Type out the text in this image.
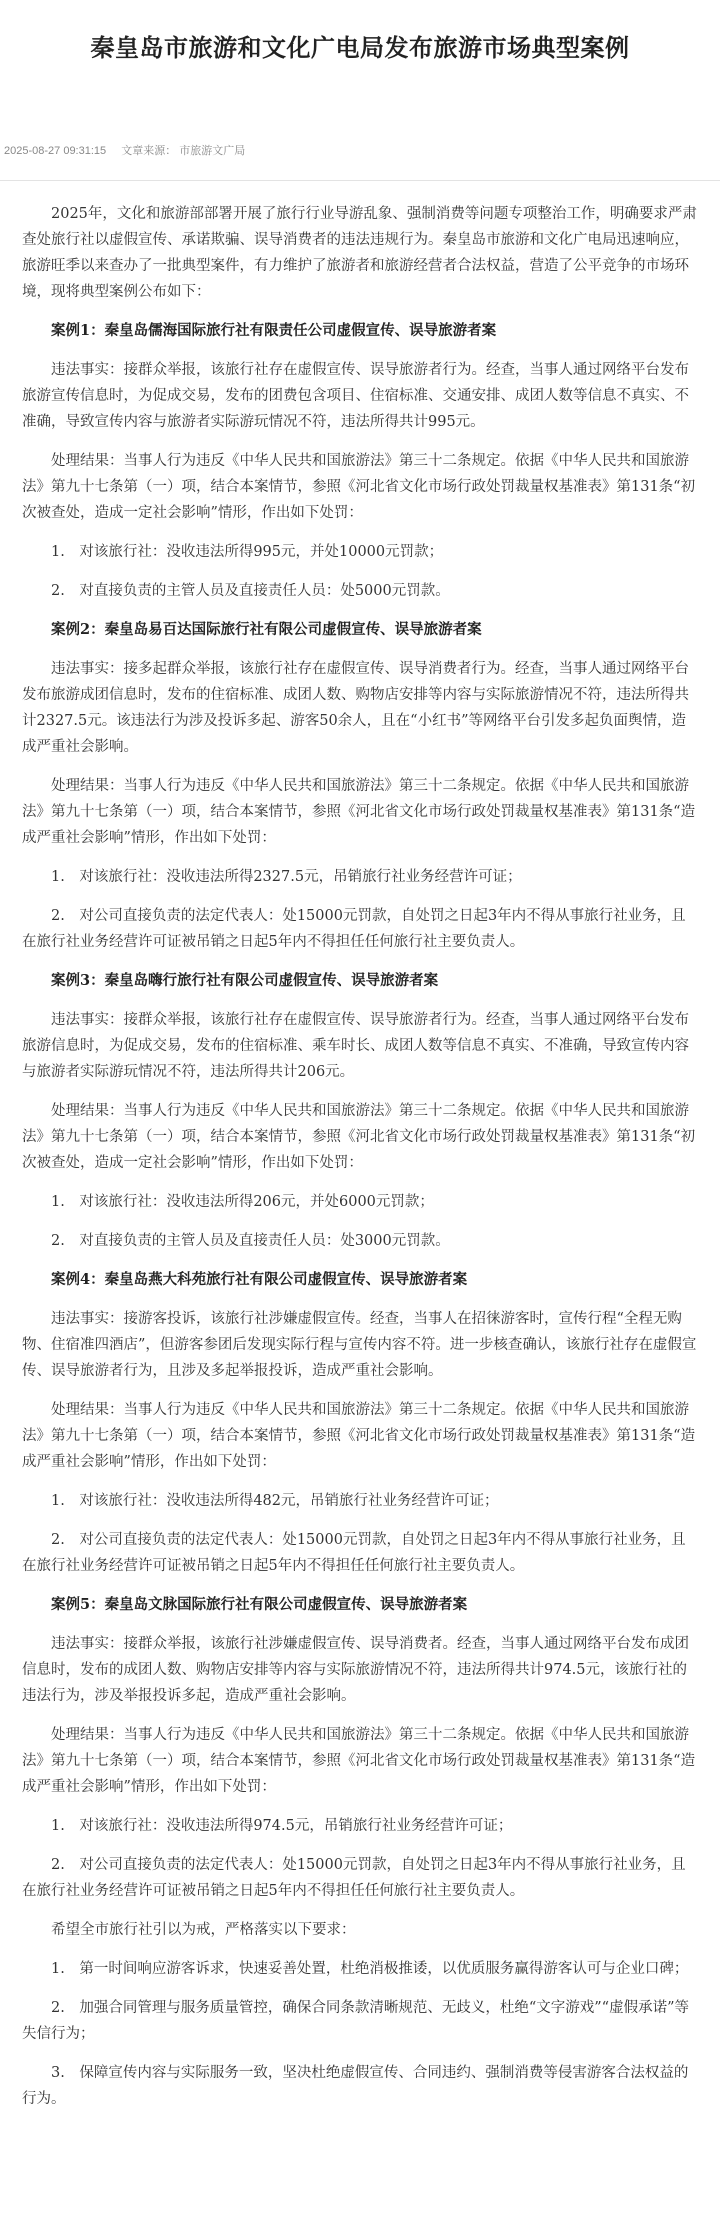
秦皇岛市旅游和文化广电局发布旅游市场典型案例
2025-08-27 09:31:15 文章来源： 市旅游文广局

2025年，文化和旅游部部署开展了旅行行业导游乱象、强制消费等问题专项整治工作，明确要求严肃查处旅行社以虚假宣传、承诺欺骗、误导消费者的违法违规行为。秦皇岛市旅游和文化广电局迅速响应，旅游旺季以来查办了一批典型案件，有力维护了旅游者和旅游经营者合法权益，营造了公平竞争的市场环境，现将典型案例公布如下：

案例1：秦皇岛儒海国际旅行社有限责任公司虚假宣传、误导旅游者案

违法事实：接群众举报，该旅行社存在虚假宣传、误导旅游者行为。经查，当事人通过网络平台发布旅游宣传信息时，为促成交易，发布的团费包含项目、住宿标准、交通安排、成团人数等信息不真实、不准确，导致宣传内容与旅游者实际游玩情况不符，违法所得共计995元。

处理结果：当事人行为违反《中华人民共和国旅游法》第三十二条规定。依据《中华人民共和国旅游法》第九十七条第（一）项，结合本案情节，参照《河北省文化市场行政处罚裁量权基准表》第131条“初次被查处，造成一定社会影响”情形，作出如下处罚：

1.　对该旅行社：没收违法所得995元，并处10000元罚款；

2.　对直接负责的主管人员及直接责任人员：处5000元罚款。

案例2：秦皇岛易百达国际旅行社有限公司虚假宣传、误导旅游者案

违法事实：接多起群众举报，该旅行社存在虚假宣传、误导消费者行为。经查，当事人通过网络平台发布旅游成团信息时，发布的住宿标准、成团人数、购物店安排等内容与实际旅游情况不符，违法所得共计2327.5元。该违法行为涉及投诉多起、游客50余人，且在“小红书”等网络平台引发多起负面舆情，造成严重社会影响。

处理结果：当事人行为违反《中华人民共和国旅游法》第三十二条规定。依据《中华人民共和国旅游法》第九十七条第（一）项，结合本案情节，参照《河北省文化市场行政处罚裁量权基准表》第131条“造成严重社会影响”情形，作出如下处罚：

1.　对该旅行社：没收违法所得2327.5元，吊销旅行社业务经营许可证；

2.　对公司直接负责的法定代表人：处15000元罚款，自处罚之日起3年内不得从事旅行社业务，且在旅行社业务经营许可证被吊销之日起5年内不得担任任何旅行社主要负责人。

案例3：秦皇岛嗨行旅行社有限公司虚假宣传、误导旅游者案

违法事实：接群众举报，该旅行社存在虚假宣传、误导旅游者行为。经查，当事人通过网络平台发布旅游信息时，为促成交易，发布的住宿标准、乘车时长、成团人数等信息不真实、不准确，导致宣传内容与旅游者实际游玩情况不符，违法所得共计206元。

处理结果：当事人行为违反《中华人民共和国旅游法》第三十二条规定。依据《中华人民共和国旅游法》第九十七条第（一）项，结合本案情节，参照《河北省文化市场行政处罚裁量权基准表》第131条“初次被查处，造成一定社会影响”情形，作出如下处罚：

1.　对该旅行社：没收违法所得206元，并处6000元罚款；

2.　对直接负责的主管人员及直接责任人员：处3000元罚款。

案例4：秦皇岛燕大科苑旅行社有限公司虚假宣传、误导旅游者案

违法事实：接游客投诉，该旅行社涉嫌虚假宣传。经查，当事人在招徕游客时，宣传行程“全程无购物、住宿准四酒店”，但游客参团后发现实际行程与宣传内容不符。进一步核查确认，该旅行社存在虚假宣传、误导旅游者行为，且涉及多起举报投诉，造成严重社会影响。

处理结果：当事人行为违反《中华人民共和国旅游法》第三十二条规定。依据《中华人民共和国旅游法》第九十七条第（一）项，结合本案情节，参照《河北省文化市场行政处罚裁量权基准表》第131条“造成严重社会影响”情形，作出如下处罚：

1.　对该旅行社：没收违法所得482元，吊销旅行社业务经营许可证；

2.　对公司直接负责的法定代表人：处15000元罚款，自处罚之日起3年内不得从事旅行社业务，且在旅行社业务经营许可证被吊销之日起5年内不得担任任何旅行社主要负责人。

案例5：秦皇岛文脉国际旅行社有限公司虚假宣传、误导旅游者案

违法事实：接群众举报，该旅行社涉嫌虚假宣传、误导消费者。经查，当事人通过网络平台发布成团信息时，发布的成团人数、购物店安排等内容与实际旅游情况不符，违法所得共计974.5元，该旅行社的违法行为，涉及举报投诉多起，造成严重社会影响。

处理结果：当事人行为违反《中华人民共和国旅游法》第三十二条规定。依据《中华人民共和国旅游法》第九十七条第（一）项，结合本案情节，参照《河北省文化市场行政处罚裁量权基准表》第131条“造成严重社会影响”情形，作出如下处罚：

1.　对该旅行社：没收违法所得974.5元，吊销旅行社业务经营许可证；

2.　对公司直接负责的法定代表人：处15000元罚款，自处罚之日起3年内不得从事旅行社业务，且在旅行社业务经营许可证被吊销之日起5年内不得担任任何旅行社主要负责人。

希望全市旅行社引以为戒，严格落实以下要求：

1.　第一时间响应游客诉求，快速妥善处置，杜绝消极推诿，以优质服务赢得游客认可与企业口碑；

2.　加强合同管理与服务质量管控，确保合同条款清晰规范、无歧义，杜绝“文字游戏”“虚假承诺”等失信行为；

3.　保障宣传内容与实际服务一致，坚决杜绝虚假宣传、合同违约、强制消费等侵害游客合法权益的行为。
